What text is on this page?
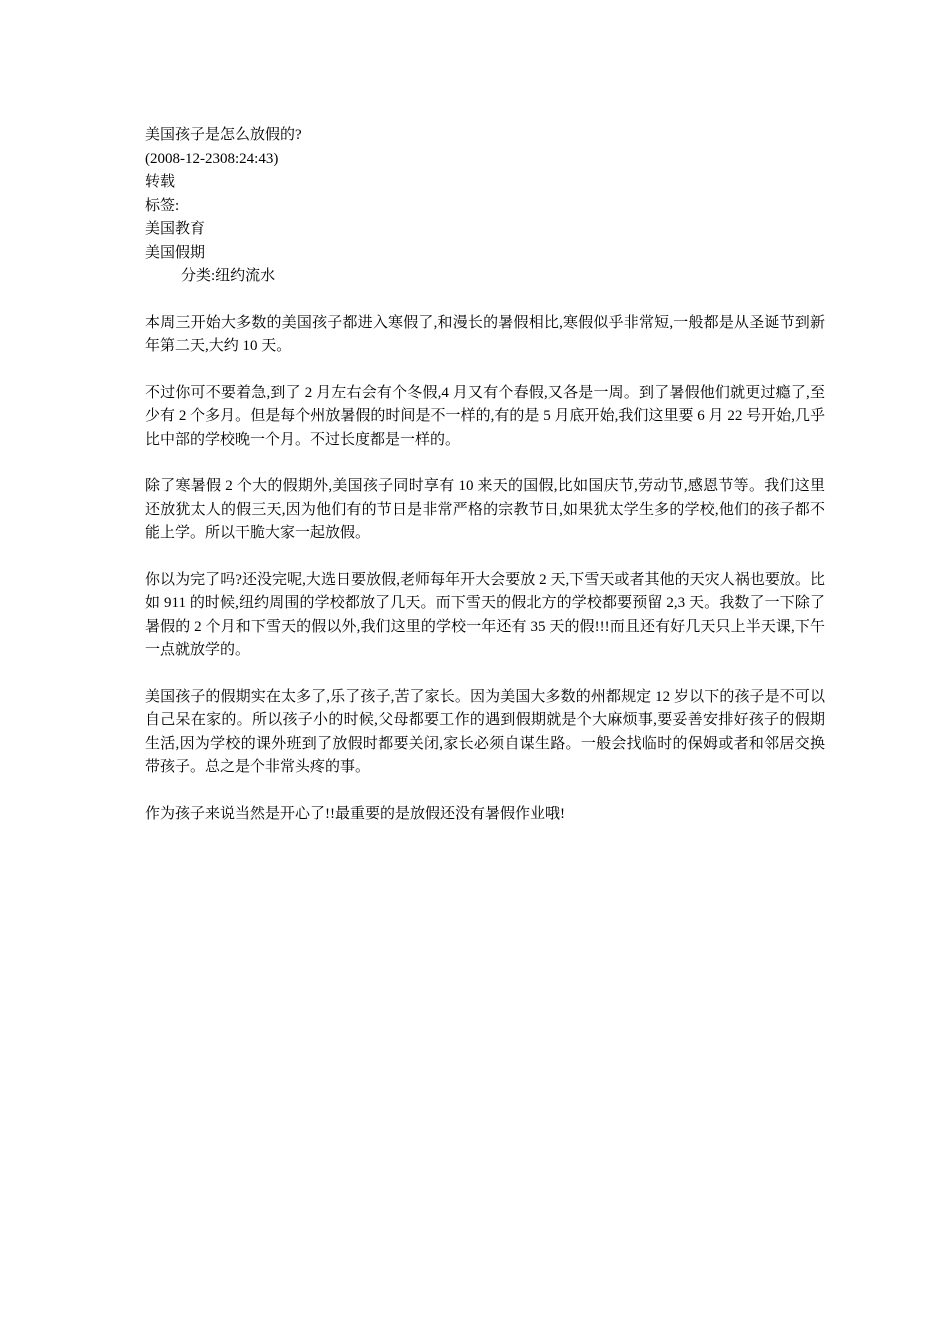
美国孩子是怎么放假的?
(2008-12-2308:24:43)
转载
标签:
美国教育
美国假期
分类:纽约流水

本周三开始大多数的美国孩子都进入寒假了,和漫长的暑假相比,寒假似乎非常短,一般都是从圣诞节到新年第二天,大约 10 天。

不过你可不要着急,到了 2 月左右会有个冬假,4 月又有个春假,又各是一周。到了暑假他们就更过瘾了,至少有 2 个多月。但是每个州放暑假的时间是不一样的,有的是 5 月底开始,我们这里要 6 月 22 号开始,几乎比中部的学校晚一个月。不过长度都是一样的。

除了寒暑假 2 个大的假期外,美国孩子同时享有 10 来天的国假,比如国庆节,劳动节,感恩节等。我们这里还放犹太人的假三天,因为他们有的节日是非常严格的宗教节日,如果犹太学生多的学校,他们的孩子都不能上学。所以干脆大家一起放假。

你以为完了吗?还没完呢,大选日要放假,老师每年开大会要放 2 天,下雪天或者其他的天灾人祸也要放。比如 911 的时候,纽约周围的学校都放了几天。而下雪天的假北方的学校都要预留 2,3 天。我数了一下除了暑假的 2 个月和下雪天的假以外,我们这里的学校一年还有 35 天的假!!!而且还有好几天只上半天课,下午一点就放学的。

美国孩子的假期实在太多了,乐了孩子,苦了家长。因为美国大多数的州都规定 12 岁以下的孩子是不可以自己呆在家的。所以孩子小的时候,父母都要工作的遇到假期就是个大麻烦事,要妥善安排好孩子的假期生活,因为学校的课外班到了放假时都要关闭,家长必须自谋生路。一般会找临时的保姆或者和邻居交换带孩子。总之是个非常头疼的事。

作为孩子来说当然是开心了!!最重要的是放假还没有暑假作业哦!
